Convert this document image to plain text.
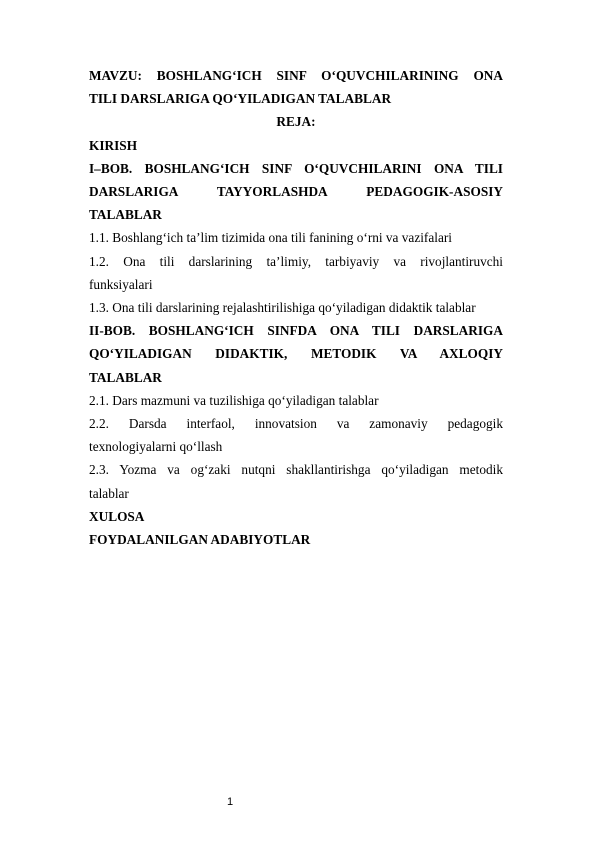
MAVZU: BOSHLANG‘ICH SINF O‘QUVCHILARINING ONA
TILI DARSLARIGA QO‘YILADIGAN TALABLAR
REJA:
KIRISH
I–BOB. BOSHLANG‘ICH SINF O‘QUVCHILARINI ONA TILI
DARSLARIGA TAYYORLASHDA PEDAGOGIK-ASOSIY
TALABLAR
1.1. Boshlang‘ich ta’lim tizimida ona tili fanining o‘rni va vazifalari
1.2. Ona tili darslarining ta’limiy, tarbiyaviy va rivojlantiruvchi
funksiyalari
1.3. Ona tili darslarining rejalashtirilishiga qo‘yiladigan didaktik talablar
II-BOB. BOSHLANG‘ICH SINFDA ONA TILI DARSLARIGA
QO‘YILADIGAN DIDAKTIK, METODIK VA AXLOQIY
TALABLAR
2.1. Dars mazmuni va tuzilishiga qo‘yiladigan talablar
2.2. Darsda interfaol, innovatsion va zamonaviy pedagogik
texnologiyalarni qo‘llash
2.3. Yozma va og‘zaki nutqni shakllantirishga qo‘yiladigan metodik
talablar
XULOSA
FOYDALANILGAN ADABIYOTLAR
1
